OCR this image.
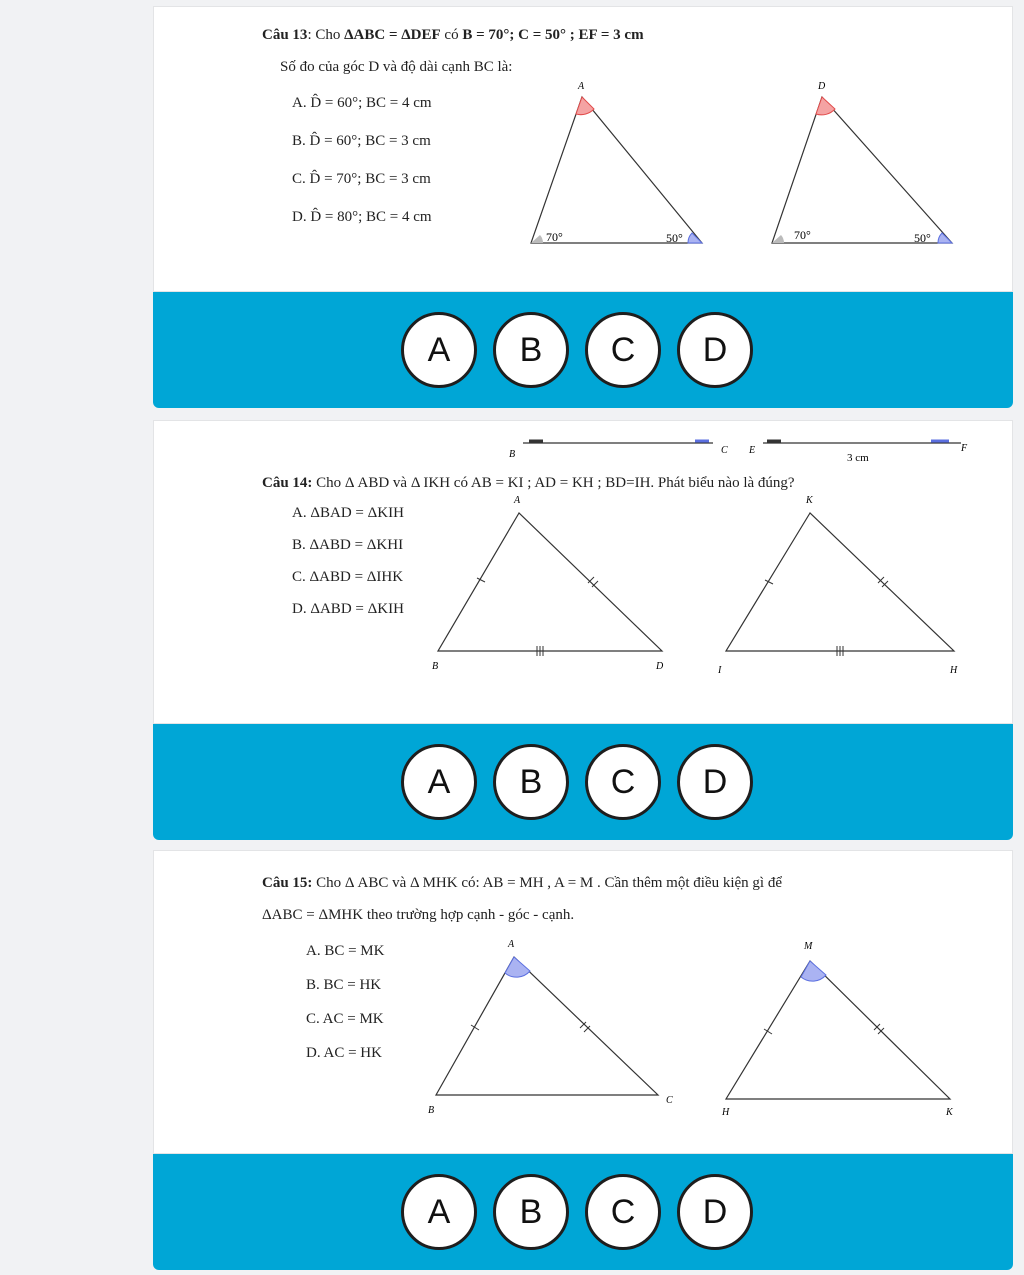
Câu 13: Cho ΔABC = ΔDEF có B = 70°; C = 50° ; EF = 3 cm
Số đo của góc D và độ dài cạnh BC là:
A. D̂ = 60°; BC = 4 cm
B. D̂ = 60°; BC = 3 cm
C. D̂ = 70°; BC = 3 cm
D. D̂ = 80°; BC = 4 cm
A
70°	50°
D
70°	50°
A	B	C	D
B	C E	F
3 cm
Câu 14: Cho Δ ABD và Δ IKH có AB = KI ; AD = KH ; BD=IH. Phát biểu nào là đúng?
A. ΔBAD = ΔKIH
B. ΔABD = ΔKHI
C. ΔABD = ΔIHK
D. ΔABD = ΔKIH
A
B	D
K
I	H
A	B	C	D
Câu 15: Cho Δ ABC và Δ MHK có: AB = MH , A = M . Cần thêm một điều kiện gì để
ΔABC = ΔMHK theo trường hợp cạnh - góc - cạnh.
A. BC = MK
B. BC = HK
C. AC = MK
D. AC = HK
A
B
C
M
H	K
A	B	C	D
